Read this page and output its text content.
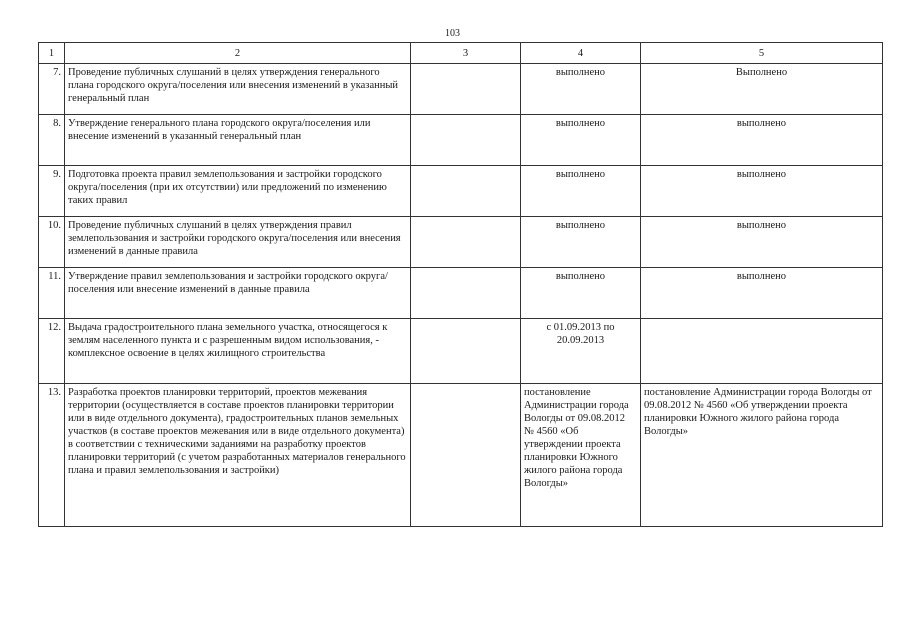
103
1	2	3	4	5
7.	Проведение публичных слушаний в целях утверждения генерального плана городского округа/поселения или внесения изменений в указанный генеральный план		выполнено	Выполнено
8.	Утверждение генерального плана городского округа/поселения или внесение изменений в указанный генеральный план		выполнено	выполнено
9.	Подготовка проекта правил землепользования и застройки городского округа/поселения (при их отсутствии) или предложений по изменению таких правил		выполнено	выполнено
10.	Проведение публичных слушаний в целях утверждения правил землепользования и застройки городского округа/поселения или внесения изменений в данные правила		выполнено	выполнено
11.	Утверждение правил землепользования и застройки городского округа/поселения или внесение изменений в данные правила		выполнено	выполнено
12.	Выдача градостроительного плана земельного участка, относящегося к землям населенного пункта и с разрешенным видом использования, - комплексное освоение в целях жилищного строительства		с 01.09.2013 по 20.09.2013	
13.	Разработка проектов планировки территорий, проектов межевания территории (осуществляется в составе проектов планировки территории или в виде отдельного документа), градостроительных планов земельных участков (в составе проектов межевания или в виде отдельного документа) в соответствии с техническими заданиями на разработку проектов планировки территорий (с учетом разработанных материалов генерального плана и правил землепользования и застройки)		постановление Администрации города Вологды от 09.08.2012 № 4560 «Об утверждении проекта планировки Южного жилого района города Вологды»	постановление Администрации города Вологды от 09.08.2012 № 4560 «Об утверждении проекта планировки Южного жилого района города Вологды»
